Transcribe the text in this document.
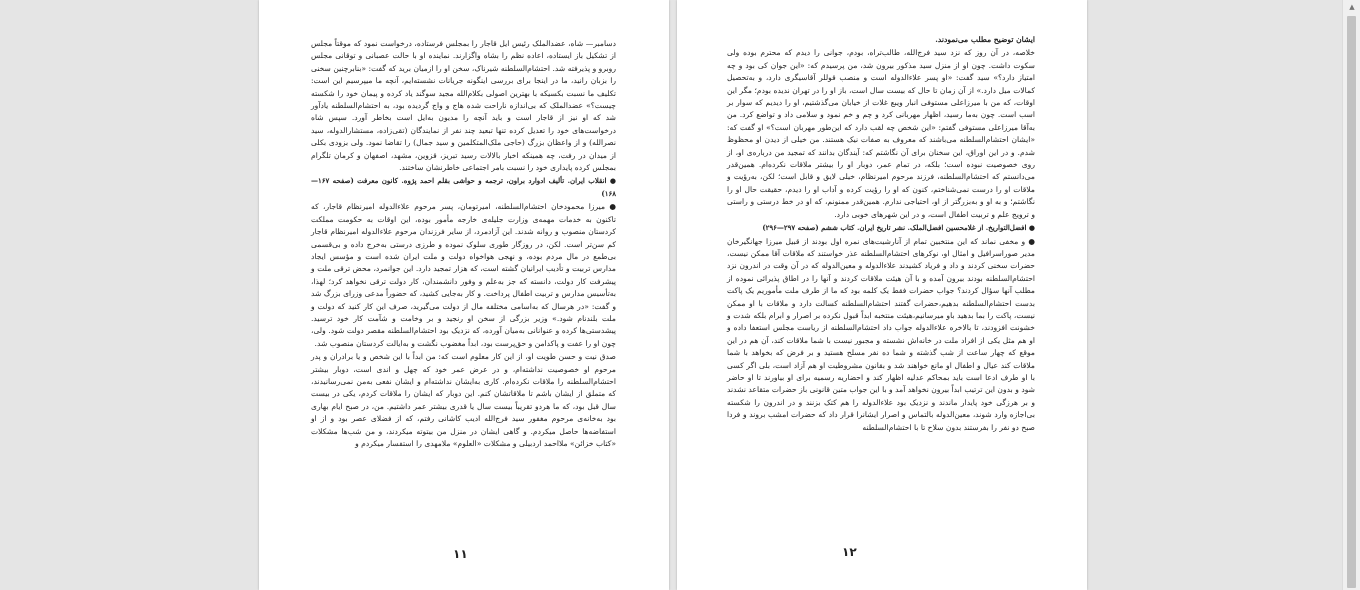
دسامبر— شاه، عضدالملک رئیس ایل قاجار را بمجلس فرستاده، درخواست نمود که موقتاً مجلس از تشکیل باز ایستاده، اعاده نظم را بشاه واگزارند. نماینده او با حالت عصبانی و توقانی مجلس روبرو و پذیرفته شد. احتشام‌السلطنه شیرناک، سخن او را ازمیان برید که گفت: «بنابرچنین سخنی را بزبان رانید، ما در اینجا برای بررسی اینگونه جریانات نشسته‌ایم، آنچه ما میپرسیم این است: تکلیف ما نسبت بکسیکه با بهترین اصولی بکلام‌الله مجید سوگند یاد کرده و پیمان خود را شکسته چیست؟» عضدالملک که بی‌اندازه ناراحت شده هاج و واج گردیده بود، به احتشام‌السلطنه یادآور شد که او نیز از قاجار است و باید آنچه را مدیون به‌ایل است بخاطر آورد. سپس شاه درخواست‌های خود را تعدیل کرده تنها تبعید چند نفر از نمایندگان (تقی‌زاده، مستشارالدوله، سید نصرالله) و از واعظان بزرگ (حاجی ملک‌المتکلمین و سید جمال) را تقاضا نمود. ولی بزودی بکلی از میدان در رفت، چه همینکه اخبار بالالات رسید تبریز، قزوین، مشهد، اصفهان و کرمان تلگرام بمجلس کرده پایداری خود را نسبت بامر اجتماعی خاطرنشان ساختند.

● انقلاب ایران. تألیف ادوارد براون، ترجمه و حواشی بقلم احمد پژوه. کانون معرفت (صفحه ۱۶۷—۱۶۸)

● میرزا محمودخان احتشام‌السلطنه، امیرتومان، پسر مرحوم علاءالدوله امیرنظام قاجار، که تاکنون به خدمات مهمه‌ی وزارت جلیله‌ی خارجه مأمور بوده، این اوقات به حکومت مملکت کردستان منصوب و روانه شدند. این آزادمرد، از سایر فرزندان مرحوم علاءالدوله امیرنظام قاجار کم سن‌تر است. لکن، در روزگار طوری سلوک نموده و طرزی درستی به‌خرج داده و بی‌قسمی بی‌طمع در مال مردم بوده، و نهجی هواخواه دولت و ملت ایران شده است و مؤسس ایجاد مدارس تربیت و تأدیب ایرانیان گشته است، که هزار تمجید دارد. این جوانمرد، محض ترقی ملت و پیشرفت کار دولت، دانسته که جز به‌علم و وفور دانشمندان، کار دولت ترقی نخواهد کرد؛ لهذا، به‌تأسیس مدارس و تربیت اطفال پرداخت. و کار به‌جایی کشید، که حضوراً مدعی وزرای بزرگ شد و گفت: «در هرسال که به‌اسامی مختلفه مال از دولت می‌گیرید، صرف این کار کنید که دولت و ملت بلندنام شود.» وزیر بزرگی از سخن او رنجید و بر وخامت و شآمت کار خود ترسید. پیشدستی‌ها کرده و عنوانانی به‌میان آورده، که نزدیک بود احتشام‌السلطنه مقصر دولت شود. ولی، چون او را عفت و پاکدامن و حق‌پرست بود، ابداً مغضوب نگشت و به‌ایالت کردستان منصوب شد.

صدق نیت و حسن طویت او، از این کار معلوم است که: من ابداً با این شخص و یا برادران و پدر مرحوم او خصوصیت نداشته‌ام، و در عرض عمر خود که چهل و اندی است، دوبار بیشتر احتشام‌السلطنه را ملاقات نکرده‌ام. کاری به‌ایشان نداشته‌ام و ایشان نفعی به‌من نمی‌رسانیدند، که متملق از ایشان باشم تا ملاقاتشان کنم. این دوبار که ایشان را ملاقات کردم، یکی در بیست سال قبل بود، که ما هردو تقریباً بیست سال یا قدری بیشتر عمر داشتیم. من، در صبح ایام بهاری بود به‌خانه‌ی مرحوم مغفور سید فرج‌الله ادیب کاشانی رفتم، که از فضلای عصر بود و از او استفاضه‌ها حاصل میکردم. و گاهی ایشان در منزل من بیتوته میکردند، و من شب‌ها مشکلات «کتاب خزائن» ملااحمد اردبیلی و مشکلات «العلوم» ملامهدی را استفسار میکردم و

۱۱

ایشان توضیح مطلب می‌نمودند.

خلاصه، در آن روز که نزد سید فرج‌الله، طالب‌تراه، بودم، جوانی را دیدم که محترم بوده ولی سکوت داشت. چون او از منزل سید مذکور بیرون شد، من پرسیدم که: «این جوان کی بود و چه امتیاز دارد؟» سید گفت: «او پسر علاءالدوله است و منصب قوللر آقاسیگری دارد، و به‌تحصیل کمالات میل دارد.» از آن زمان تا حال که بیست سال است، باز او را در تهران ندیده بودم؛ مگر این اوقات، که من با میرزاعلی مستوفی انبار ویبع غلات از خیابان می‌گذشتیم، او را دیدیم که سوار بر اسب است. چون به‌ما رسید، اظهار مهربانی کرد و چم و خم نمود و سلامی داد و تواضع کرد. من به‌آقا میرزاعلی مستوفی گفتم: «این شخص چه لقب دارد که این‌طور مهربان است؟» او گفت که: «ایشان احتشام‌السلطنه می‌باشند که معروف به صفات نیک هستند. من خیلی از دیدن او محظوظ شدم. و در این اوراق، این سخنان برای آن نگاشتم که: آیندگان بدانند که تمجید من درباره‌ی او، از روی خصوصیت نبوده است؛ بلکه، در تمام عمر، دوبار او را بیشتر ملاقات نکرده‌ام. همین‌قدر می‌دانستم که احتشام‌السلطنه، فرزند مرحوم امیرنظام، خیلی لایق و قابل است؛ لکن، به‌رؤیت و ملاقات او را درست نمی‌شناختم، کنون که او را رؤیت کرده و آداب او را دیدم، حقیقت حال او را نگاشتم؛ و به او و به‌بزرگتر از او، احتیاجی ندارم. همین‌قدر ممنونم، که او در خط درستی و راستی و ترویج علم و تربیت اطفال است، و در این شهرهای خوبی دارد.

● افضل‌التواریخ. از غلامحسین افضل‌الملک. نشر تاریخ ایران. کتاب ششم (صفحه ۲۹۷—۲۹۶)

● و مخفی نماند که این منتخبین تمام از آنارشیت‌های نمره اول بودند از قبیل میرزا جهانگیرخان مدیر صوراسرافیل و امثال او، نوکرهای احتشام‌السلطنه عذر خواستند که ملاقات آقا ممکن نیست، حضرات سخنی کردند و داد و فریاد کشیدند علاءالدوله و معین‌الدوله که در آن وقت در اندرون نزد احتشام‌السلطنه بودند بیرون آمده و با آن هیئت ملاقات کردند و آنها را در اطاق پذیرائی نموده از مطلب آنها سؤال کردند؟ جواب حضرات فقط یک کلمه بود که ما از طرف ملت مأموریم یک پاکت بدست احتشام‌السلطنه بدهیم،حضرات گفتند احتشام‌السلطنه کسالت دارد و ملاقات با او ممکن نیست، پاکت را بما بدهید باو میرسانیم،هیئت منتخبه ابداً قبول نکرده بر اصرار و ابرام بلکه شدت و خشونت افزودند، تا بالاخره علاءالدوله جواب داد احتشام‌السلطنه از ریاست مجلس استعفا داده و او هم مثل یکی از افراد ملت در خانه‌اش نشسته و مجبور نیست با شما ملاقات کند، آن هم در این موقع که چهار ساعت از شب گذشته و شما ده نفر مسلح هستید و بر فرض که بخواهد با شما ملاقات کند عیال و اطفال او مانع خواهند شد و بقانون مشروطیت او هم آزاد است، بلی اگر کسی با او طرف ادعا است باید بمحاکم عدلیه اظهار کند و احضاریه رسمیه برای او بیاورند تا او حاضر شود و بدون این ترتیب ابداً بیرون نخواهد آمد و با این جواب متین قانونی باز حضرات متقاعد نشدند و بر هرزگی خود پایدار ماندند و نزدیک بود علاءالدوله را هم کتک بزنند و در اندرون را شکسته بی‌اجازه وارد شوند، معین‌الدوله بالتماس و اصرار ایشانرا قرار داد که حضرات امشب بروند و فردا صبح دو نفر را بفرستند بدون سلاح تا با احتشام‌السلطنه

۱۲
▲
